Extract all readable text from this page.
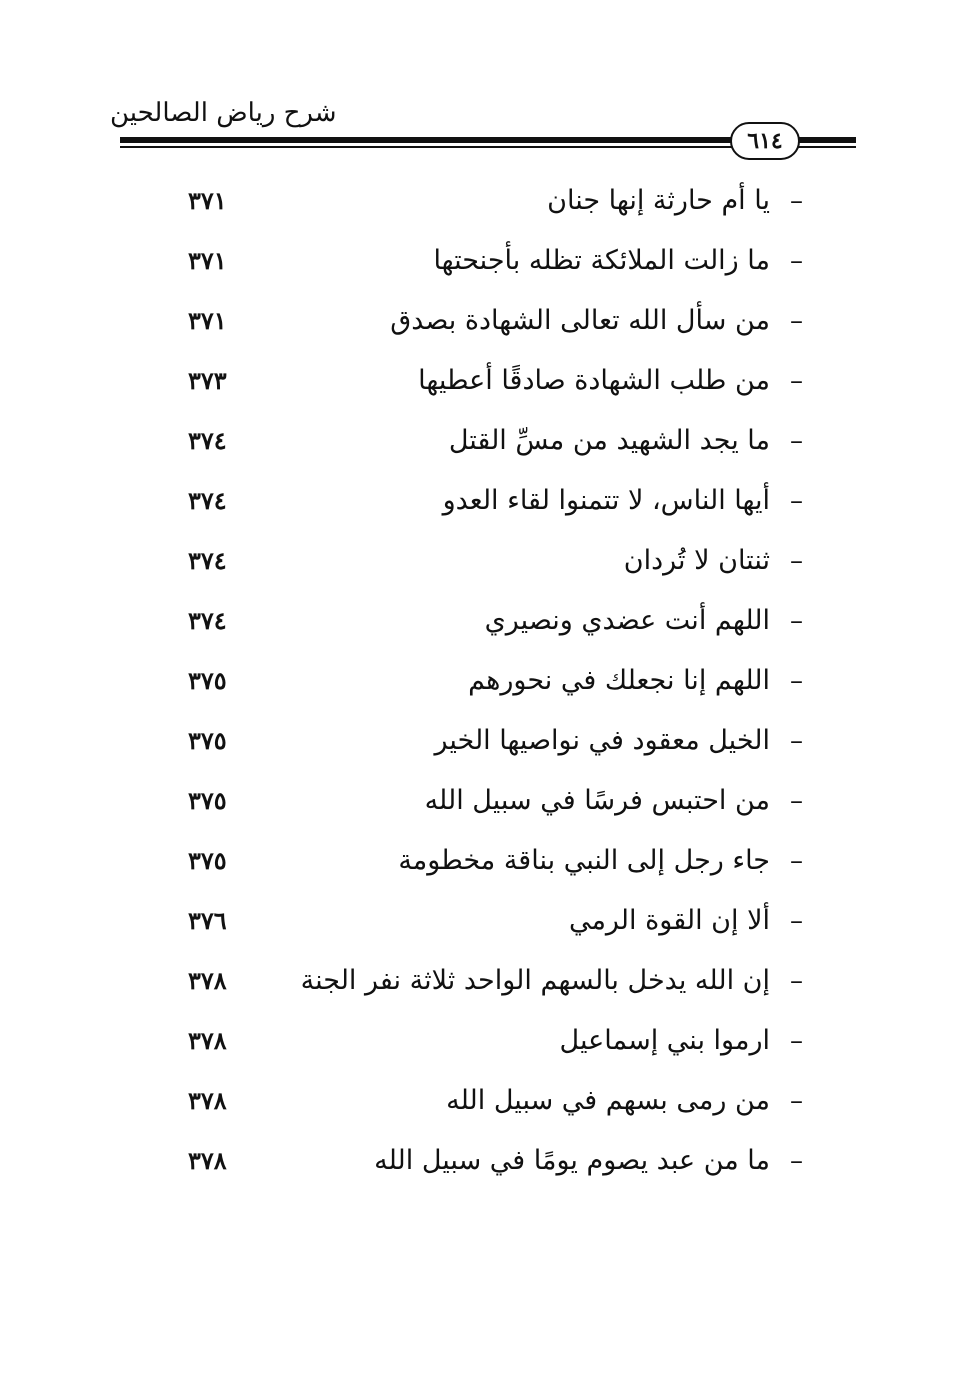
شرح رياض الصالحين
٦١٤
–
يا أم حارثة إنها جنان
٣٧١
–
ما زالت الملائكة تظله بأجنحتها
٣٧١
–
من سأل الله تعالى الشهادة بصدق
٣٧١
–
من طلب الشهادة صادقًا أعطيها
٣٧٣
–
ما يجد الشهيد من مسِّ القتل
٣٧٤
–
أيها الناس، لا تتمنوا لقاء العدو
٣٧٤
–
ثنتان لا تُردان
٣٧٤
–
اللهم أنت عضدي ونصيري
٣٧٤
–
اللهم إنا نجعلك في نحورهم
٣٧٥
–
الخيل معقود في نواصيها الخير
٣٧٥
–
من احتبس فرسًا في سبيل الله
٣٧٥
–
جاء رجل إلى النبي بناقة مخطومة
٣٧٥
–
ألا إن القوة الرمي
٣٧٦
–
إن الله يدخل بالسهم الواحد ثلاثة نفر الجنة
٣٧٨
–
ارموا بني إسماعيل
٣٧٨
–
من رمى بسهم في سبيل الله
٣٧٨
–
ما من عبد يصوم يومًا في سبيل الله
٣٧٨
